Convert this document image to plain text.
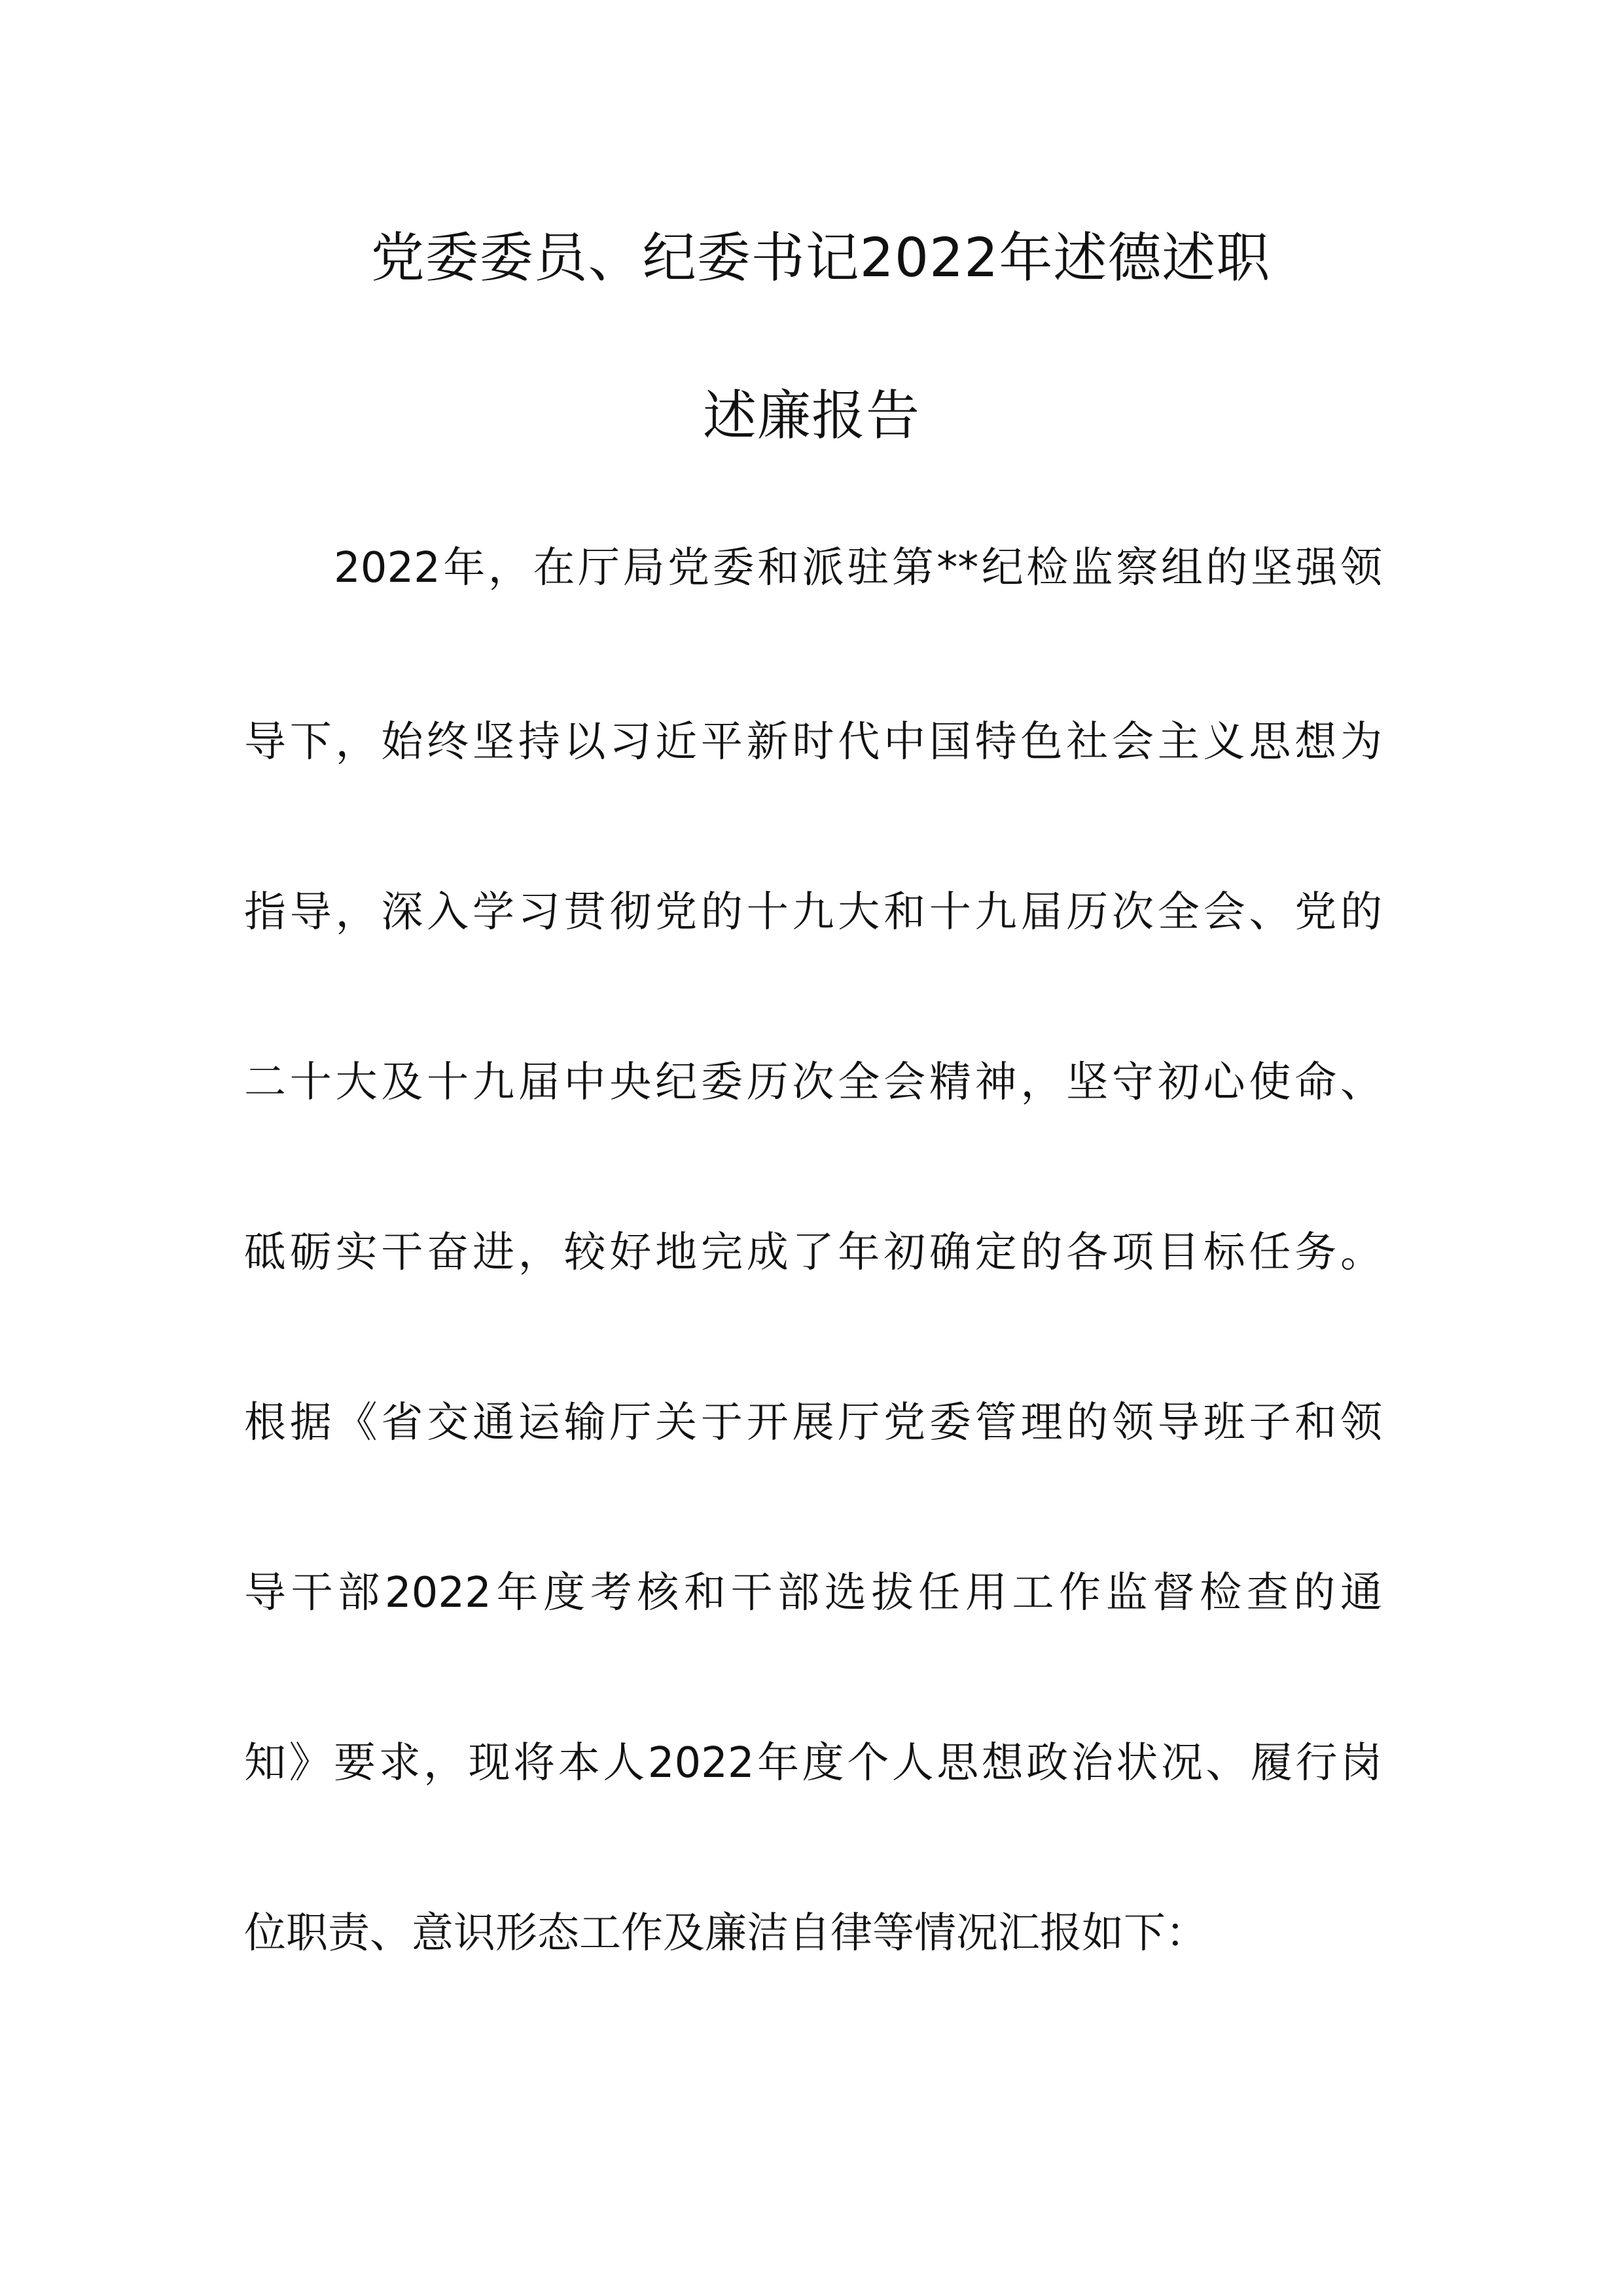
党委委员、纪委书记2022年述德述职
述廉报告
2022年，在厅局党委和派驻第**纪检监察组的坚强领
导下，始终坚持以习近平新时代中国特色社会主义思想为
指导，深入学习贯彻党的十九大和十九届历次全会、党的
二十大及十九届中央纪委历次全会精神，坚守初心使命、
砥砺实干奋进，较好地完成了年初确定的各项目标任务。
根据《省交通运输厅关于开展厅党委管理的领导班子和领
导干部2022年度考核和干部选拔任用工作监督检查的通
知》要求，现将本人2022年度个人思想政治状况、履行岗
位职责、意识形态工作及廉洁自律等情况汇报如下：
